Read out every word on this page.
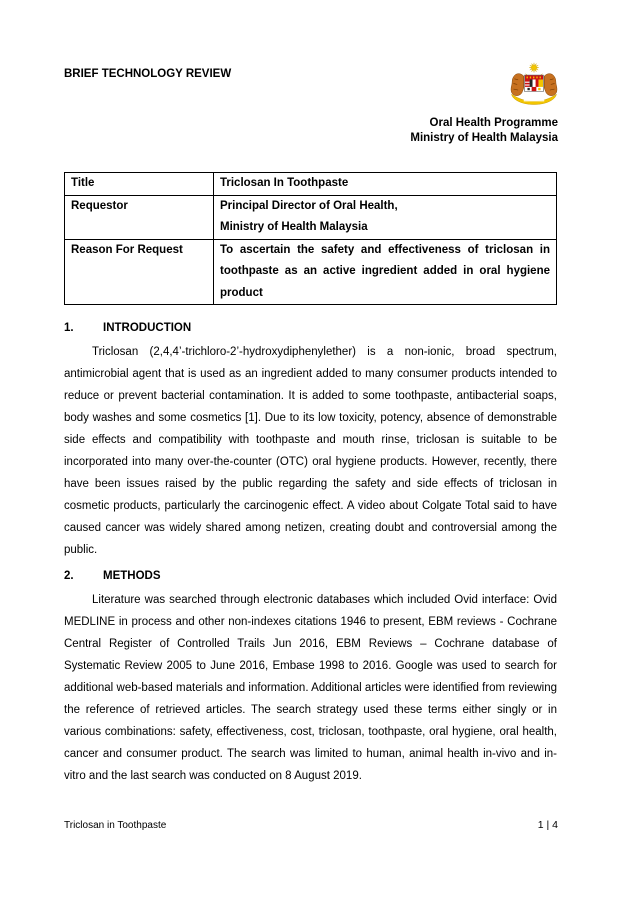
BRIEF TECHNOLOGY REVIEW
Oral Health Programme
Ministry of Health Malaysia
Title	Triclosan In Toothpaste
Requestor	Principal Director of Oral Health,
Ministry of Health Malaysia

Reason For Request	To ascertain the safety and effectiveness of triclosan in toothpaste as an active ingredient added in oral hygiene product

1.	INTRODUCTION

Triclosan (2,4,4’-trichloro-2’-hydroxydiphenylether) is a non-ionic, broad spectrum, antimicrobial agent that is used as an ingredient added to many consumer products intended to reduce or prevent bacterial contamination. It is added to some toothpaste, antibacterial soaps, body washes and some cosmetics [1]. Due to its low toxicity, potency, absence of demonstrable side effects and compatibility with toothpaste and mouth rinse, triclosan is suitable to be incorporated into many over-the-counter (OTC) oral hygiene products. However, recently, there have been issues raised by the public regarding the safety and side effects of triclosan in cosmetic products, particularly the carcinogenic effect. A video about Colgate Total said to have caused cancer was widely shared among netizen, creating doubt and controversial among the public.

2.	METHODS

Literature was searched through electronic databases which included Ovid interface: Ovid MEDLINE in process and other non-indexes citations 1946 to present, EBM reviews - Cochrane Central Register of Controlled Trails Jun 2016, EBM Reviews – Cochrane database of Systematic Review 2005 to June 2016, Embase 1998 to 2016. Google was used to search for additional web-based materials and information. Additional articles were identified from reviewing the reference of retrieved articles. The search strategy used these terms either singly or in various combinations: safety, effectiveness, cost, triclosan, toothpaste, oral hygiene, oral health, cancer and consumer product. The search was limited to human, animal health in-vivo and in-vitro and the last search was conducted on 8 August 2019.

Triclosan in Toothpaste	1 | 4
